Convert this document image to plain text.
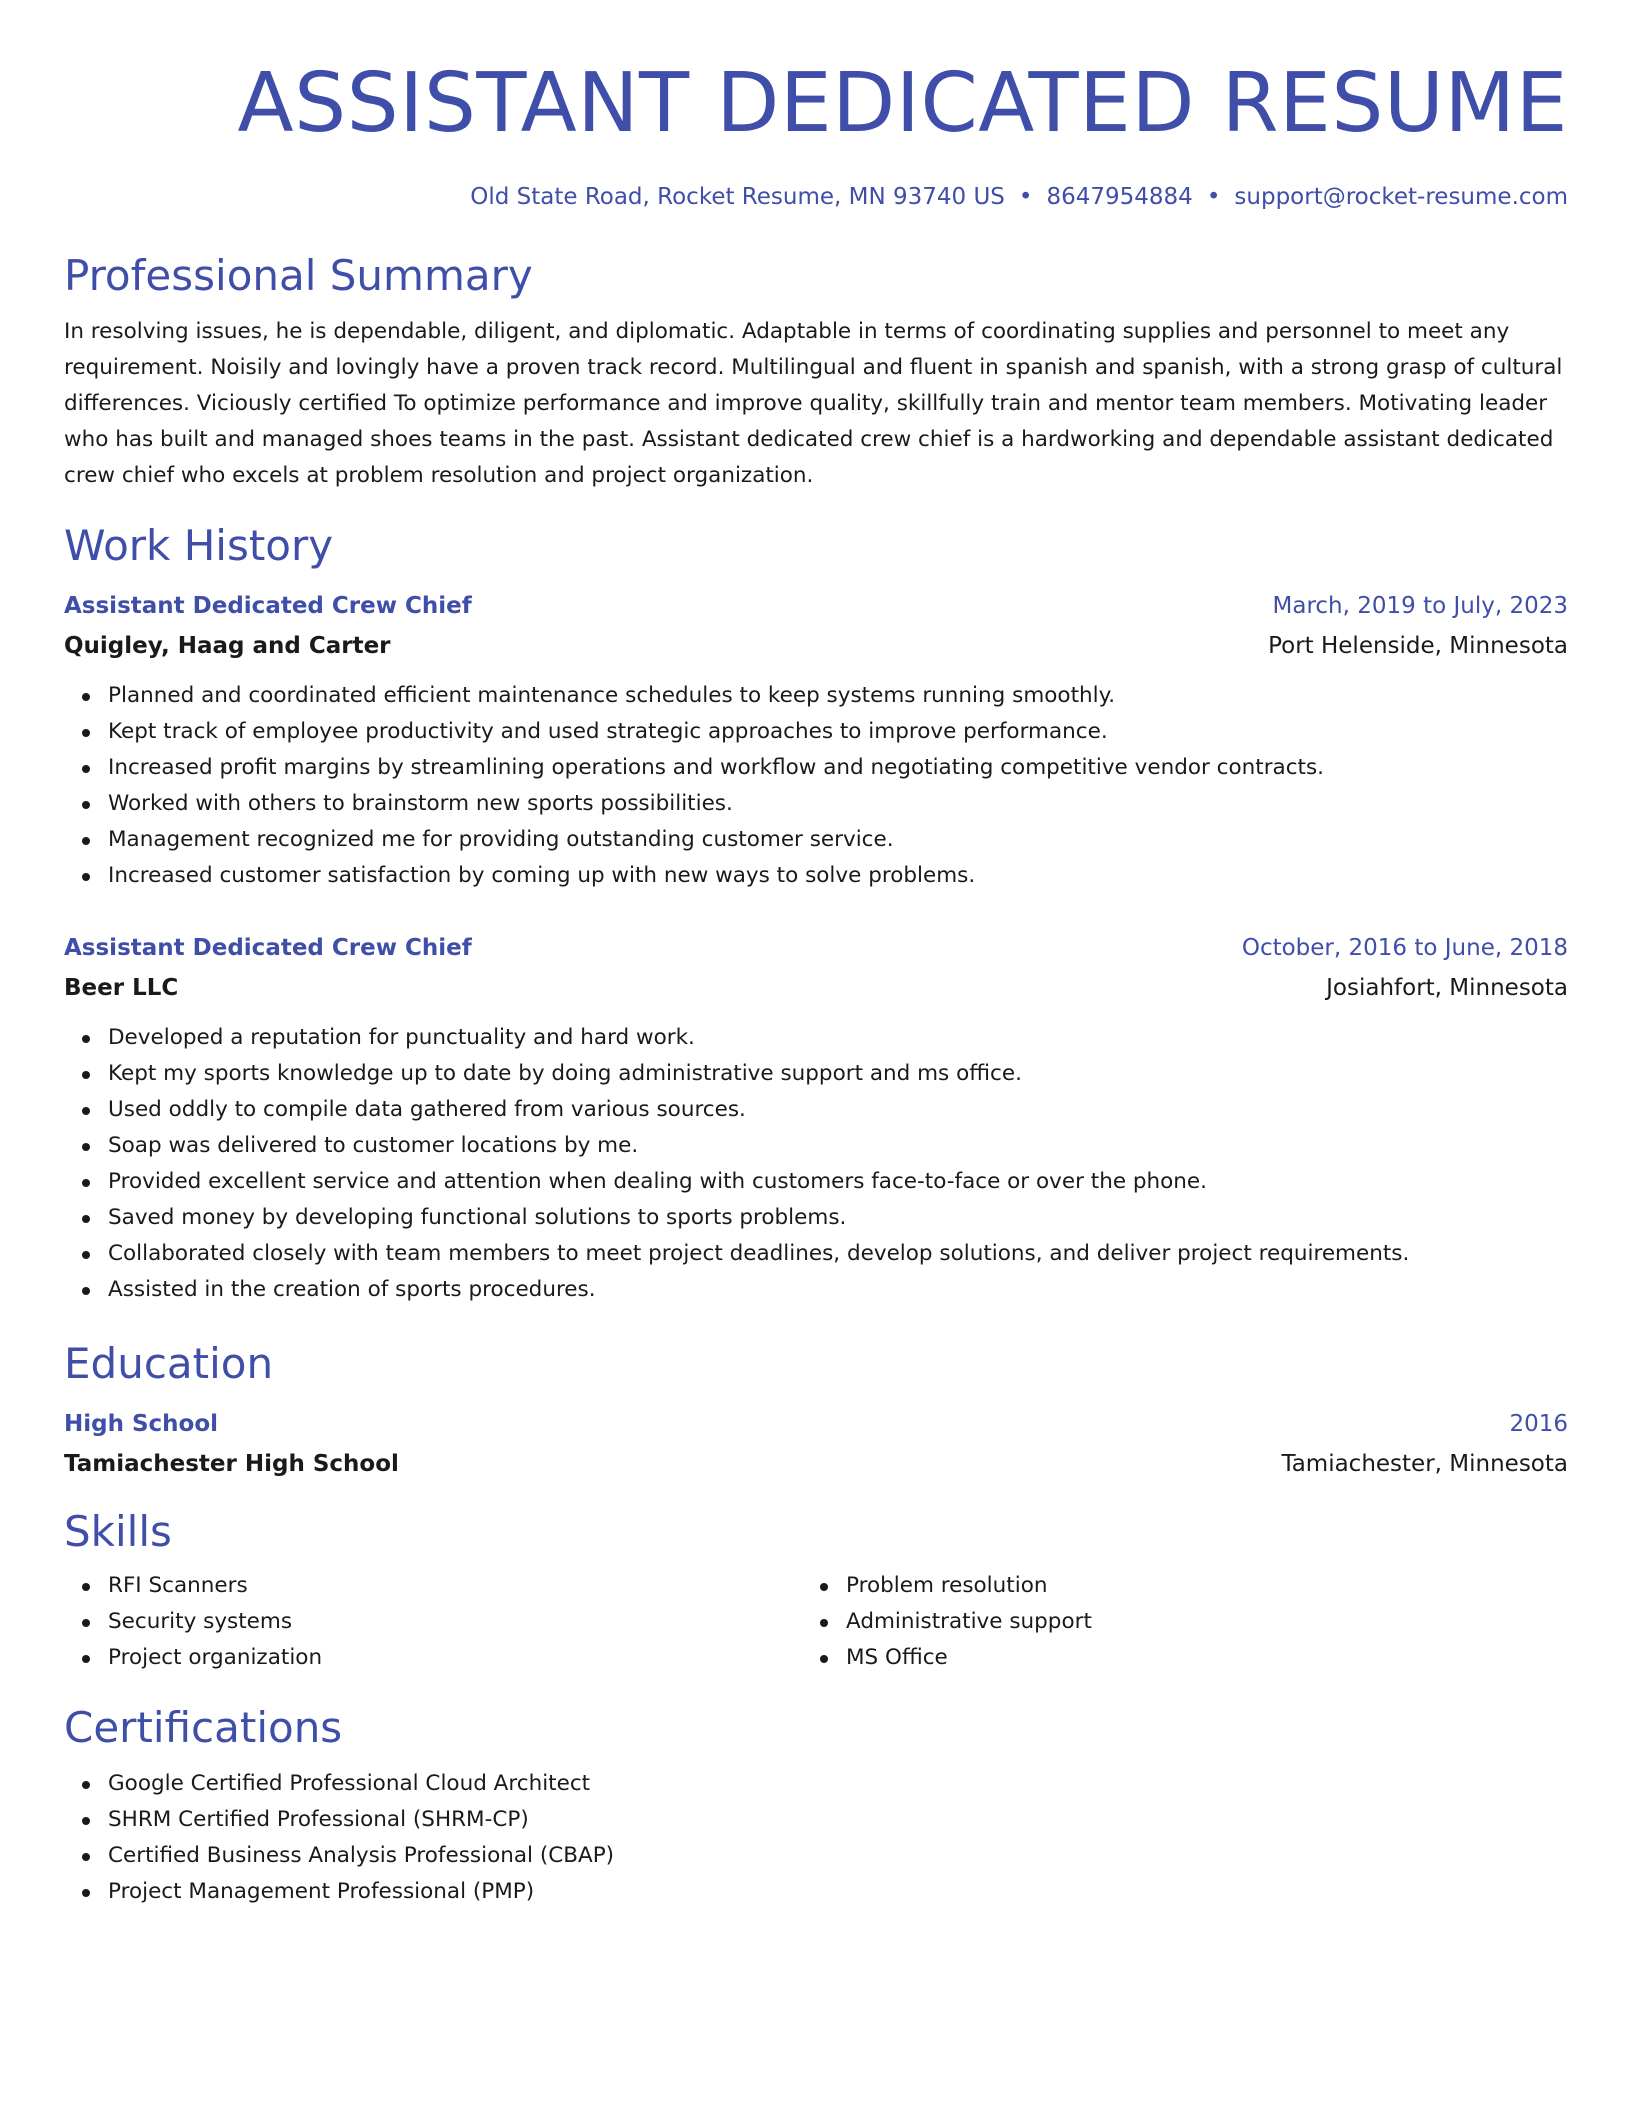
ASSISTANT DEDICATED RESUME
Old State Road, Rocket Resume, MN 93740 US • 8647954884 • support@rocket-resume.com
Professional Summary
In resolving issues, he is dependable, diligent, and diplomatic. Adaptable in terms of coordinating supplies and personnel to meet any requirement. Noisily and lovingly have a proven track record. Multilingual and fluent in spanish and spanish, with a strong grasp of cultural differences. Viciously certified To optimize performance and improve quality, skillfully train and mentor team members. Motivating leader who has built and managed shoes teams in the past. Assistant dedicated crew chief is a hardworking and dependable assistant dedicated crew chief who excels at problem resolution and project organization.
Work History
Assistant Dedicated Crew Chief	March, 2019 to July, 2023
Quigley, Haag and Carter	Port Helenside, Minnesota
Planned and coordinated efficient maintenance schedules to keep systems running smoothly.
Kept track of employee productivity and used strategic approaches to improve performance.
Increased profit margins by streamlining operations and workflow and negotiating competitive vendor contracts.
Worked with others to brainstorm new sports possibilities.
Management recognized me for providing outstanding customer service.
Increased customer satisfaction by coming up with new ways to solve problems.
Assistant Dedicated Crew Chief	October, 2016 to June, 2018
Beer LLC	Josiahfort, Minnesota
Developed a reputation for punctuality and hard work.
Kept my sports knowledge up to date by doing administrative support and ms office.
Used oddly to compile data gathered from various sources.
Soap was delivered to customer locations by me.
Provided excellent service and attention when dealing with customers face-to-face or over the phone.
Saved money by developing functional solutions to sports problems.
Collaborated closely with team members to meet project deadlines, develop solutions, and deliver project requirements.
Assisted in the creation of sports procedures.
Education
High School	2016
Tamiachester High School	Tamiachester, Minnesota
Skills
RFI Scanners
Security systems
Project organization
Problem resolution
Administrative support
MS Office
Certifications
Google Certified Professional Cloud Architect
SHRM Certified Professional (SHRM-CP)
Certified Business Analysis Professional (CBAP)
Project Management Professional (PMP)
